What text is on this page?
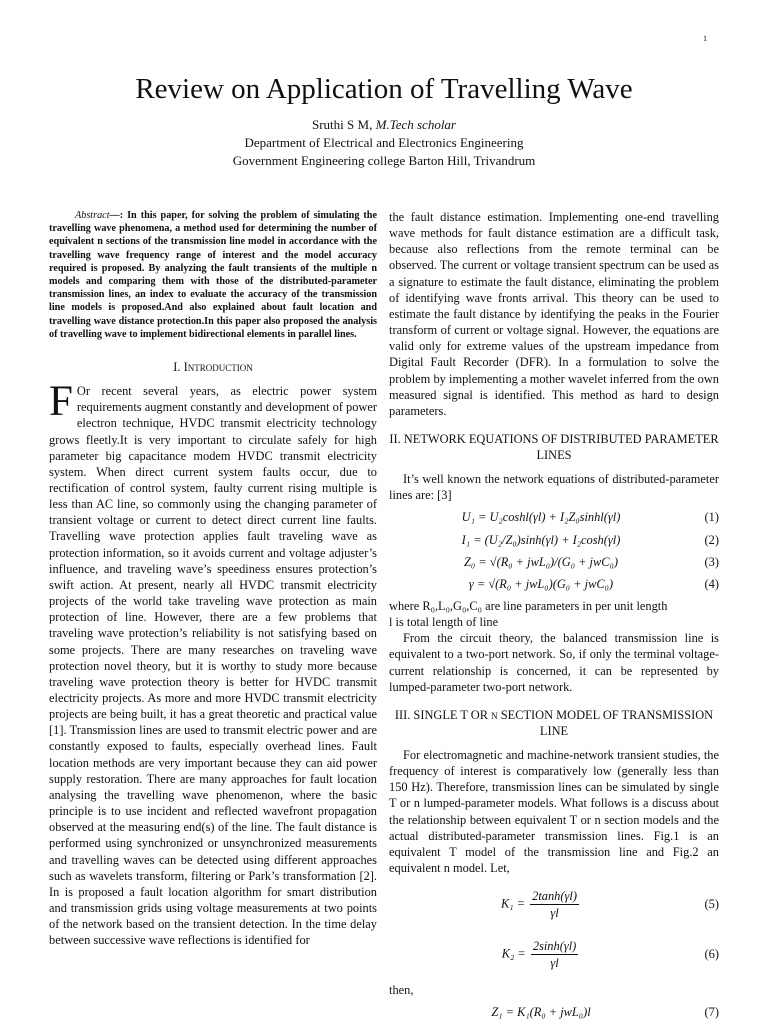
1
Review on Application of Travelling Wave
Sruthi S M, M.Tech scholar
Department of Electrical and Electronics Engineering
Government Engineering college Barton Hill, Trivandrum

Abstract—: In this paper, for solving the problem of simulating the travelling wave phenomena, a method used for determining the number of equivalent n sections of the transmission line model in accordance with the travelling wave frequency range of interest and the model accuracy required is proposed. By analyzing the fault transients of the multiple n models and comparing them with those of the distributed-parameter transmission lines, an index to evaluate the accuracy of the transmission line models is proposed.And also explained about fault location and travelling wave distance protection.In this paper also proposed the analysis of travelling wave to implement bidirectional elements in parallel lines.

I. Introduction

F Or recent several years, as electric power system requirements augment constantly and development of power electron technique, HVDC transmit electricity technology grows fleetly.It is very important to circulate safely for high parameter big capacitance modem HVDC transmit electricity system. When direct current system faults occur, due to rectification of control system, faulty current rising multiple is less than AC line, so commonly using the changing parameter of transient voltage or current to detect direct current line faults. Travelling wave protection applies fault traveling wave as protection information, so it avoids current and voltage adjuster’s influence, and traveling wave’s speediness ensures protection’s swift action. At present, nearly all HVDC transmit electricity projects of the world take traveling wave protection as main protection of line. However, there are a few problems that traveling wave protection’s reliability is not satisfying based on some projects. There are many researches on traveling wave protection novel theory, but it is worthy to study more because traveling wave protection theory is better for HVDC transmit electricity projects. As more and more HVDC transmit electricity projects are being built, it has a great theoretic and practical value [1]. Transmission lines are used to transmit electric power and are constantly exposed to faults, especially overhead lines. Fault location methods are very important because they can aid power supply restoration. There are many approaches for fault location analysing the travelling wave phenomenon, where the basic principle is to use incident and reflected wavefront propagation observed at the measuring end(s) of the line. The fault distance is performed using synchronized or unsynchronized measurements and travelling waves can be detected using different approaches such as wavelets transform, filtering or Park’s transformation [2]. In is proposed a fault location algorithm for smart distribution and transmission grids using voltage measurements at two points of the network based on the transient detection. In the time delay between successive wave reflections is identified for

the fault distance estimation. Implementing one-end travelling wave methods for fault distance estimation are a difficult task, because also reflections from the remote terminal can be observed. The current or voltage transient spectrum can be used as a signature to estimate the fault distance, eliminating the problem of identifying wave fronts arrival. This theory can be used to estimate the fault distance by identifying the peaks in the Fourier transform of current or voltage signal. However, the equations are valid only for extreme values of the upstream impedance from Digital Fault Recorder (DFR). In a formulation to solve the problem by implementing a mother wavelet inferred from the own measured signal is identified. This method as hard to design parameters.

II. NETWORK EQUATIONS OF DISTRIBUTED PARAMETER LINES

It’s well known the network equations of distributed-parameter lines are: [3]

U₁ = U₂coshl(γl) + I₂Z₀sinhl(γl)	(1)
I₁ = (U₂/Z₀)sinh(γl) + I₂cosh(γl)	(2)
Z₀ = √(R₀ + jwL₀)/(G₀ + jwC₀)	(3)
γ = √(R₀ + jwL₀)(G₀ + jwC₀)	(4)

where R₀,L₀,G₀,C₀ are line parameters in per unit length

l is total length of line

From the circuit theory, the balanced transmission line is equivalent to a two-port network. So, if only the terminal voltage-current relationship is concerned, it can be represented by lumped-parameter two-port network.

III. SINGLE T OR n SECTION MODEL OF TRANSMISSION LINE

For electromagnetic and machine-network transient studies, the frequency of interest is comparatively low (generally less than 150 Hz). Therefore, transmission lines can be simulated by single T or n lumped-parameter models. What follows is a discuss about the relationship between equivalent T or n section models and the actual distributed-parameter transmission lines. Fig.1 is an equivalent T model of the transmission line and Fig.2 an equivalent n model. Let,

$K_1 = \frac{2\tanh(\gamma l)}{\gamma l}$	(5)
$K_2 = \frac{2\sinh(\gamma l)}{\gamma l}$	(6)

then,

Z₁ = K₁(R₀ + jwL₀)l	(7)
